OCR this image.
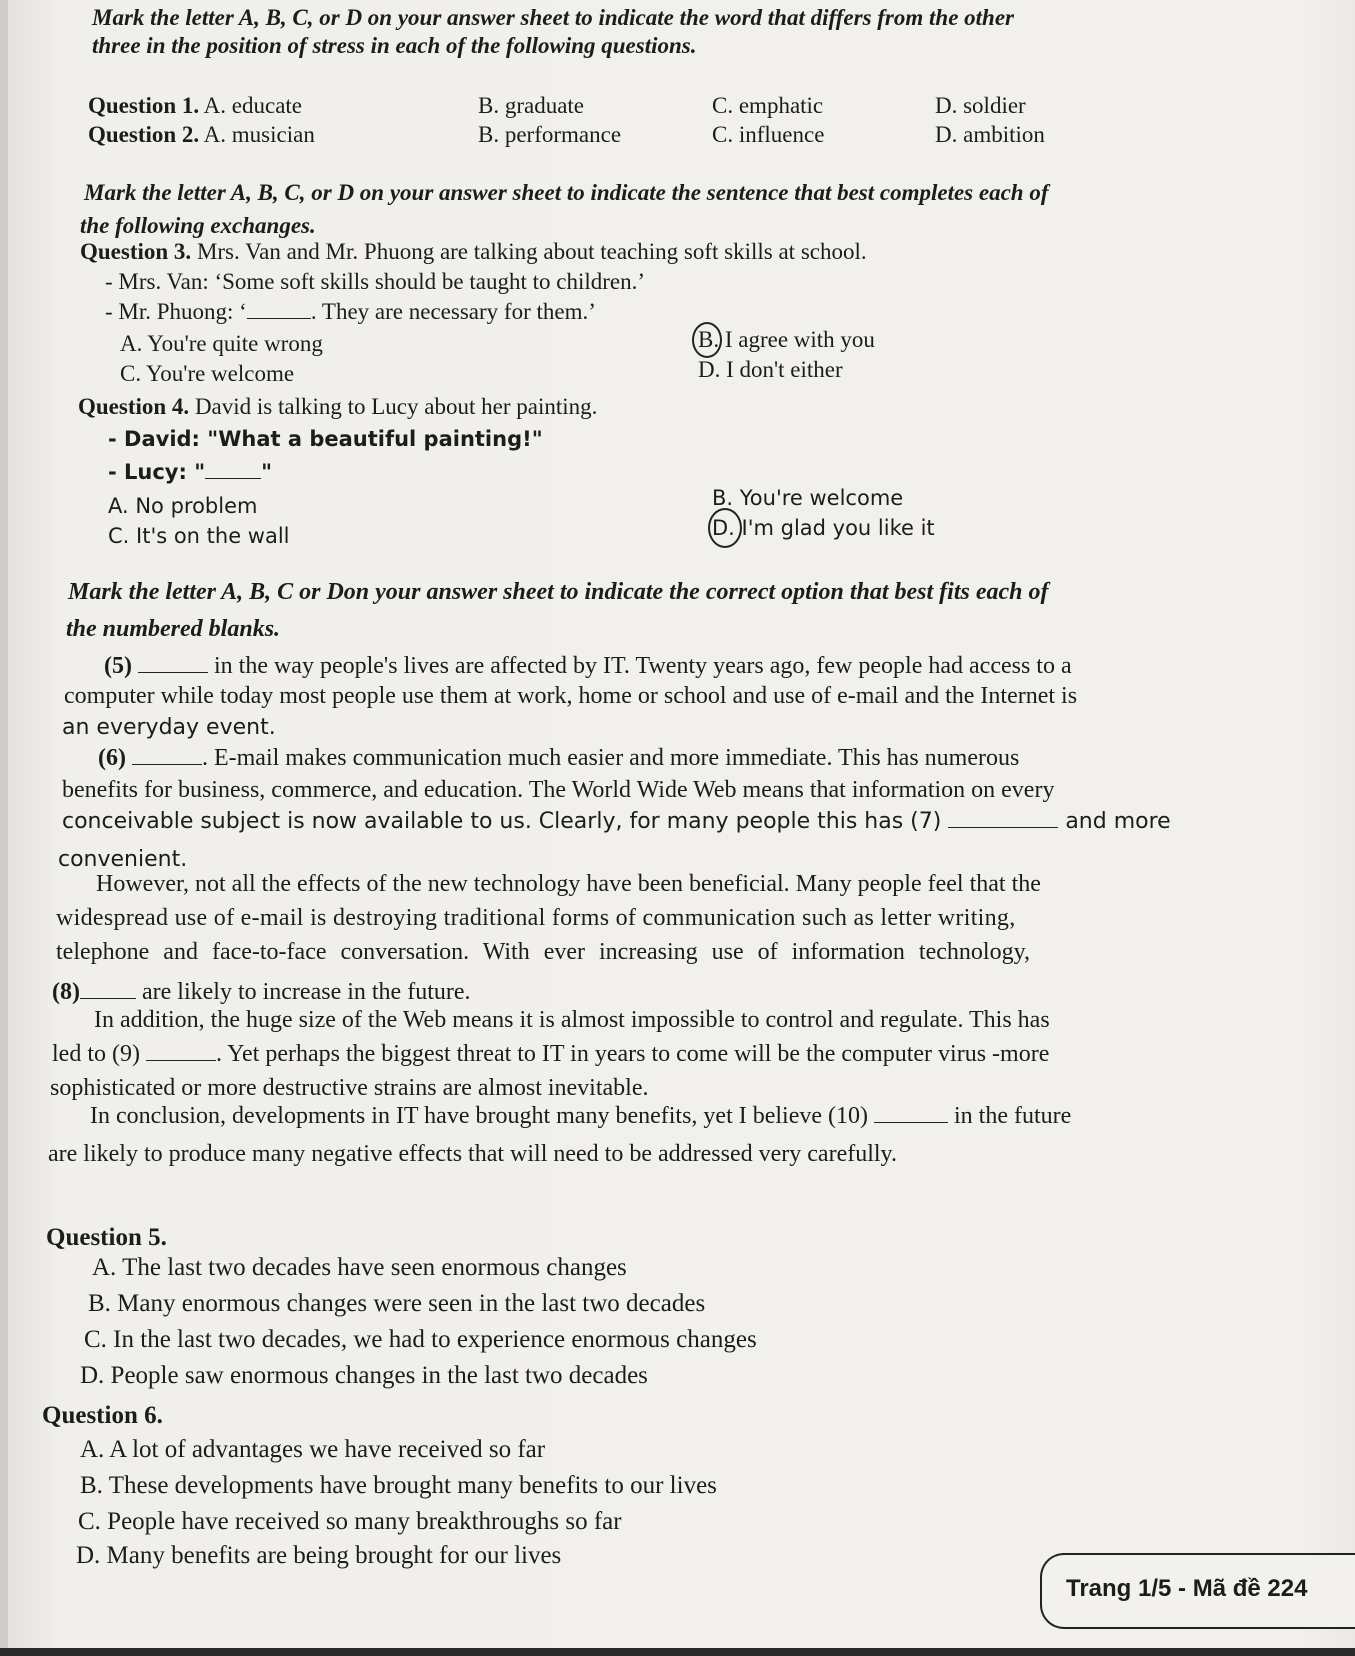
Mark the letter A, B, C, or D on your answer sheet to indicate the word that differs from the other
three in the position of stress in each of the following questions.
Question 1. A. educate	B. graduate	C. emphatic	D. soldier
Question 2. A. musician	B. performance	C. influence	D. ambition
Mark the letter A, B, C, or D on your answer sheet to indicate the sentence that best completes each of
the following exchanges.
Question 3. Mrs. Van and Mr. Phuong are talking about teaching soft skills at school.
- Mrs. Van: ‘Some soft skills should be taught to children.’
- Mr. Phuong: ‘	. They are necessary for them.’
A. You're quite wrong	B. I agree with you
C. You're welcome	D. I don't either
Question 4. David is talking to Lucy about her painting.
- David: "What a beautiful painting!"
- Lucy: "	"
A. No problem	B. You're welcome
C. It's on the wall	D. I'm glad you like it
Mark the letter A, B, C or Don your answer sheet to indicate the correct option that best fits each of
the numbered blanks.
(5)	in the way people's lives are affected by IT. Twenty years ago, few people had access to a
computer while today most people use them at work, home or school and use of e-mail and the Internet is
an everyday event.
(6)	. E-mail makes communication much easier and more immediate. This has numerous
benefits for business, commerce, and education. The World Wide Web means that information on every
conceivable subject is now available to us. Clearly, for many people this has (7)	and more
convenient.
However, not all the effects of the new technology have been beneficial. Many people feel that the
widespread use of e-mail is destroying traditional forms of communication such as letter writing,
telephone and face-to-face conversation. With ever increasing use of information technology,
(8)	are likely to increase in the future.
In addition, the huge size of the Web means it is almost impossible to control and regulate. This has
led to (9)	. Yet perhaps the biggest threat to IT in years to come will be the computer virus -more
sophisticated or more destructive strains are almost inevitable.
In conclusion, developments in IT have brought many benefits, yet I believe (10)	in the future
are likely to produce many negative effects that will need to be addressed very carefully.
Question 5.
A. The last two decades have seen enormous changes
B. Many enormous changes were seen in the last two decades
C. In the last two decades, we had to experience enormous changes
D. People saw enormous changes in the last two decades
Question 6.
A. A lot of advantages we have received so far
B. These developments have brought many benefits to our lives
C. People have received so many breakthroughs so far
D. Many benefits are being brought for our lives
Trang 1/5 - Mã đề 224
